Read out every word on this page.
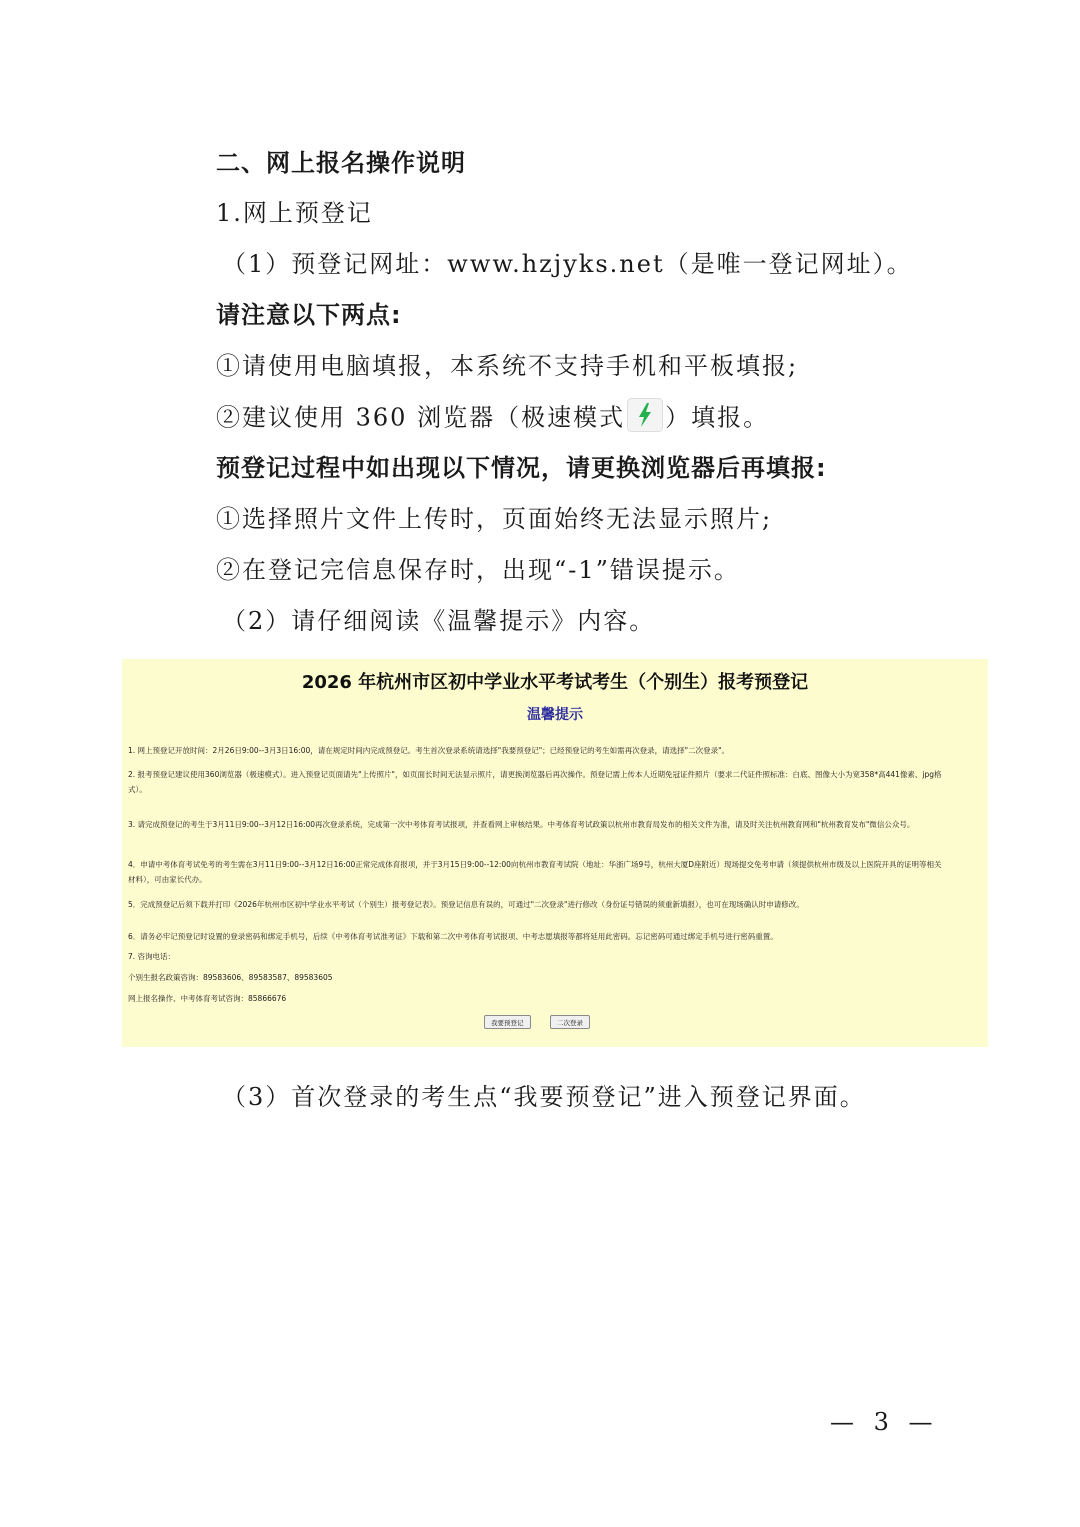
二、网上报名操作说明
1.网上预登记
（1）预登记网址：www.hzjyks.net（是唯一登记网址）。
请注意以下两点:
①请使用电脑填报，本系统不支持手机和平板填报;
②建议使用 360 浏览器（极速模式 ）填报。
预登记过程中如出现以下情况，请更换浏览器后再填报:
①选择照片文件上传时，页面始终无法显示照片;
②在登记完信息保存时，出现“-1”错误提示。
（2）请仔细阅读《温馨提示》内容。
2026 年杭州市区初中学业水平考试考生（个别生）报考预登记
温馨提示
1. 网上预登记开放时间：2月26日9:00--3月3日16:00，请在规定时间内完成预登记。考生首次登录系统请选择"我要预登记"；已经预登记的考生如需再次登录，请选择"二次登录"。
2. 报考预登记建议使用360浏览器（极速模式）。进入预登记页面请先"上传照片"，如页面长时间无法显示照片，请更换浏览器后再次操作。预登记需上传本人近期免冠证件照片（要求二代证件照标准：白底、图像大小为宽358*高441像素、jpg格式）。
3. 请完成预登记的考生于3月11日9:00--3月12日16:00再次登录系统，完成第一次中考体育考试报项，并查看网上审核结果。中考体育考试政策以杭州市教育局发布的相关文件为准，请及时关注杭州教育网和"杭州教育发布"微信公众号。
4．申请中考体育考试免考的考生需在3月11日9:00--3月12日16:00正常完成体育报项，并于3月15日9:00--12:00向杭州市教育考试院（地址：华浙广场9号，杭州大厦D座附近）现场提交免考申请（须提供杭州市级及以上医院开具的证明等相关材料），可由家长代办。
5．完成预登记后须下载并打印《2026年杭州市区初中学业水平考试（个别生）报考登记表》。预登记信息有误的，可通过"二次登录"进行修改（身份证号错误的须重新填报），也可在现场确认时申请修改。
6．请务必牢记预登记时设置的登录密码和绑定手机号，后续《中考体育考试准考证》下载和第二次中考体育考试报项、中考志愿填报等都将延用此密码。忘记密码可通过绑定手机号进行密码重置。
7. 咨询电话：
个别生报名政策咨询：89583606、89583587、89583605
网上报名操作、中考体育考试咨询：85866676
我要预登记	二次登录
（3）首次登录的考生点“我要预登记”进入预登记界面。
— 3 —
